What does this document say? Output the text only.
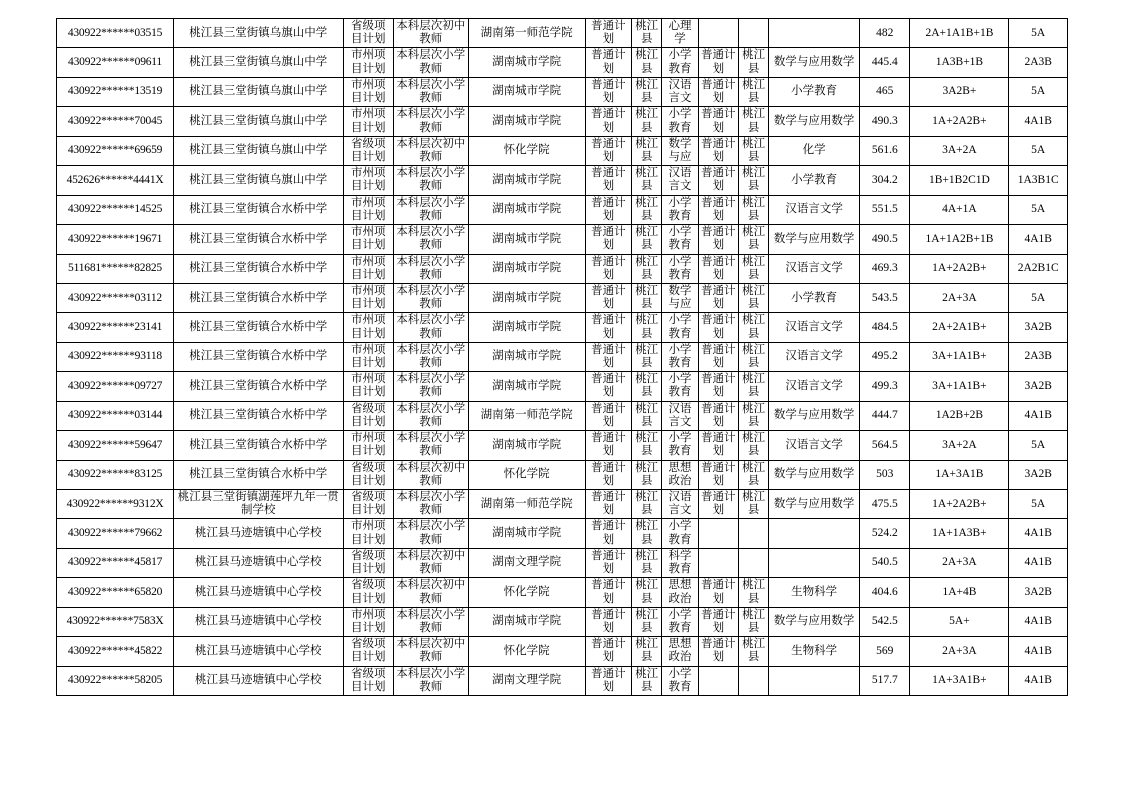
430922******03515	桃江县三堂街镇乌旗山中学	省级项目计划	本科层次初中教师	湖南第一师范学院	普通计划	桃江县	心理学				482	2A+1A1B+1B	5A
430922******09611	桃江县三堂街镇乌旗山中学	市州项目计划	本科层次小学教师	湖南城市学院	普通计划	桃江县	小学教育	普通计划	桃江县	数学与应用数学	445.4	1A3B+1B	2A3B
430922******13519	桃江县三堂街镇乌旗山中学	市州项目计划	本科层次小学教师	湖南城市学院	普通计划	桃江县	汉语言文	普通计划	桃江县	小学教育	465	3A2B+	5A
430922******70045	桃江县三堂街镇乌旗山中学	市州项目计划	本科层次小学教师	湖南城市学院	普通计划	桃江县	小学教育	普通计划	桃江县	数学与应用数学	490.3	1A+2A2B+	4A1B
430922******69659	桃江县三堂街镇乌旗山中学	省级项目计划	本科层次初中教师	怀化学院	普通计划	桃江县	数学与应	普通计划	桃江县	化学	561.6	3A+2A	5A
452626******4441X	桃江县三堂街镇乌旗山中学	市州项目计划	本科层次小学教师	湖南城市学院	普通计划	桃江县	汉语言文	普通计划	桃江县	小学教育	304.2	1B+1B2C1D	1A3B1C
430922******14525	桃江县三堂街镇合水桥中学	市州项目计划	本科层次小学教师	湖南城市学院	普通计划	桃江县	小学教育	普通计划	桃江县	汉语言文学	551.5	4A+1A	5A
430922******19671	桃江县三堂街镇合水桥中学	市州项目计划	本科层次小学教师	湖南城市学院	普通计划	桃江县	小学教育	普通计划	桃江县	数学与应用数学	490.5	1A+1A2B+1B	4A1B
511681******82825	桃江县三堂街镇合水桥中学	市州项目计划	本科层次小学教师	湖南城市学院	普通计划	桃江县	小学教育	普通计划	桃江县	汉语言文学	469.3	1A+2A2B+	2A2B1C
430922******03112	桃江县三堂街镇合水桥中学	市州项目计划	本科层次小学教师	湖南城市学院	普通计划	桃江县	数学与应	普通计划	桃江县	小学教育	543.5	2A+3A	5A
430922******23141	桃江县三堂街镇合水桥中学	市州项目计划	本科层次小学教师	湖南城市学院	普通计划	桃江县	小学教育	普通计划	桃江县	汉语言文学	484.5	2A+2A1B+	3A2B
430922******93118	桃江县三堂街镇合水桥中学	市州项目计划	本科层次小学教师	湖南城市学院	普通计划	桃江县	小学教育	普通计划	桃江县	汉语言文学	495.2	3A+1A1B+	2A3B
430922******09727	桃江县三堂街镇合水桥中学	市州项目计划	本科层次小学教师	湖南城市学院	普通计划	桃江县	小学教育	普通计划	桃江县	汉语言文学	499.3	3A+1A1B+	3A2B
430922******03144	桃江县三堂街镇合水桥中学	省级项目计划	本科层次小学教师	湖南第一师范学院	普通计划	桃江县	汉语言文	普通计划	桃江县	数学与应用数学	444.7	1A2B+2B	4A1B
430922******59647	桃江县三堂街镇合水桥中学	市州项目计划	本科层次小学教师	湖南城市学院	普通计划	桃江县	小学教育	普通计划	桃江县	汉语言文学	564.5	3A+2A	5A
430922******83125	桃江县三堂街镇合水桥中学	省级项目计划	本科层次初中教师	怀化学院	普通计划	桃江县	思想政治	普通计划	桃江县	数学与应用数学	503	1A+3A1B	3A2B
430922******9312X	桃江县三堂街镇湖莲坪九年一贯制学校	省级项目计划	本科层次小学教师	湖南第一师范学院	普通计划	桃江县	汉语言文	普通计划	桃江县	数学与应用数学	475.5	1A+2A2B+	5A
430922******79662	桃江县马迹塘镇中心学校	市州项目计划	本科层次小学教师	湖南城市学院	普通计划	桃江县	小学教育				524.2	1A+1A3B+	4A1B
430922******45817	桃江县马迹塘镇中心学校	省级项目计划	本科层次初中教师	湖南文理学院	普通计划	桃江县	科学教育				540.5	2A+3A	4A1B
430922******65820	桃江县马迹塘镇中心学校	省级项目计划	本科层次初中教师	怀化学院	普通计划	桃江县	思想政治	普通计划	桃江县	生物科学	404.6	1A+4B	3A2B
430922******7583X	桃江县马迹塘镇中心学校	市州项目计划	本科层次小学教师	湖南城市学院	普通计划	桃江县	小学教育	普通计划	桃江县	数学与应用数学	542.5	5A+	4A1B
430922******45822	桃江县马迹塘镇中心学校	省级项目计划	本科层次初中教师	怀化学院	普通计划	桃江县	思想政治	普通计划	桃江县	生物科学	569	2A+3A	4A1B
430922******58205	桃江县马迹塘镇中心学校	省级项目计划	本科层次小学教师	湖南文理学院	普通计划	桃江县	小学教育				517.7	1A+3A1B+	4A1B
